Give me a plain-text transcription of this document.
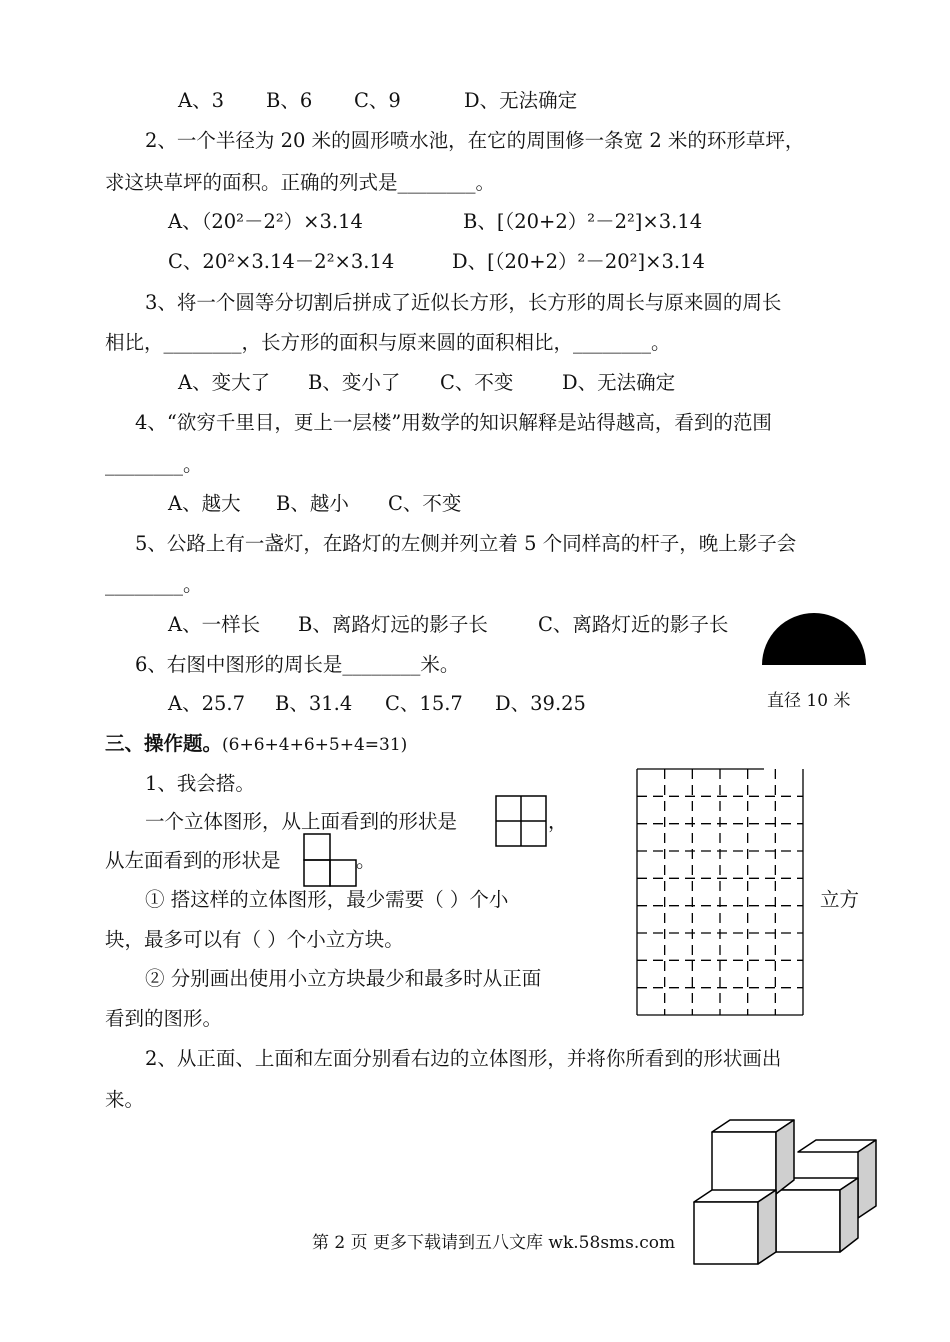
A、3 B、6 C、9	D、无法确定
2、一个半径为 20 米的圆形喷水池，在它的周围修一条宽 2 米的环形草坪，
求这块草坪的面积。正确的列式是________。
A、（20²－2²）×3.14	B、[（20+2）²－2²]×3.14
C、20²×3.14－2²×3.14	D、[（20+2）²－20²]×3.14
3、将一个圆等分切割后拼成了近似长方形，长方形的周长与原来圆的周长
相比，________，长方形的面积与原来圆的面积相比，________。
A、变大了 B、变小了 C、不变 D、无法确定
4、“欲穷千里目，更上一层楼”用数学的知识解释是站得越高，看到的范围
________。
A、越大 B、越小 C、不变
5、公路上有一盏灯，在路灯的左侧并列立着 5 个同样高的杆子，晚上影子会
________。
A、一样长 B、离路灯远的影子长	C、离路灯近的影子长
6、右图中图形的周长是________米。
A、25.7 B、31.4 C、15.7 D、39.25	直径 10 米
三、操作题。(6+6+4+6+5+4=31)
1、我会搭。
一个立体图形，从上面看到的形状是	，
从左面看到的形状是	。
① 搭这样的立体图形，最少需要（ ）个小	立方
块，最多可以有（ ）个小立方块。
② 分别画出使用小立方块最少和最多时从正面
看到的图形。
2、从正面、上面和左面分别看右边的立体图形，并将你所看到的形状画出
来。
第 2 页 更多下载请到五八文库 wk.58sms.com
